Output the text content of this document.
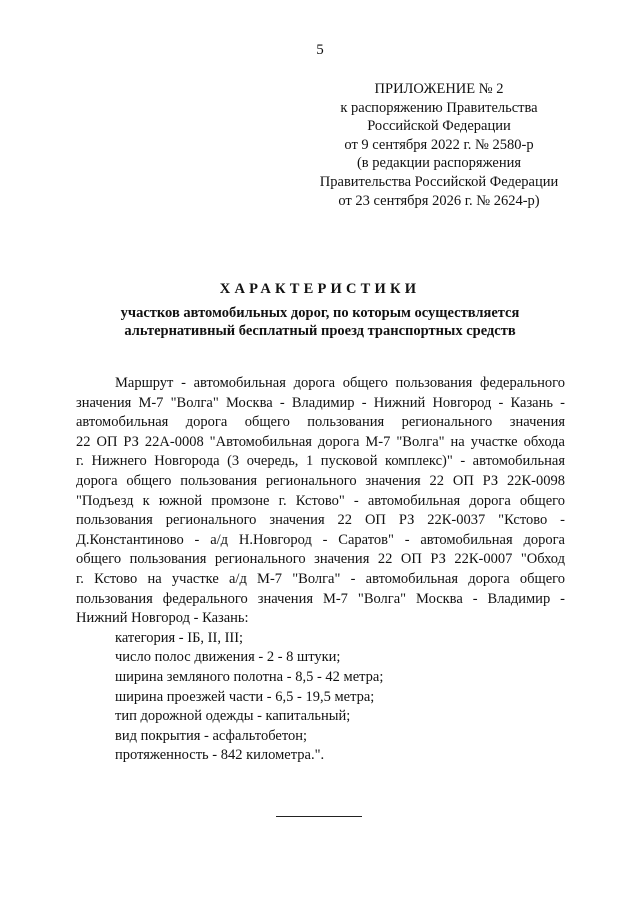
5
ПРИЛОЖЕНИЕ № 2
к распоряжению Правительства
Российской Федерации
от 9 сентября 2022 г. № 2580-р
(в редакции распоряжения
Правительства Российской Федерации
от 23 сентября 2026 г. № 2624-р)
ХАРАКТЕРИСТИКИ
участков автомобильных дорог, по которым осуществляется
альтернативный бесплатный проезд транспортных средств
Маршрут - автомобильная дорога общего пользования федерального
значения М-7 "Волга" Москва - Владимир - Нижний Новгород - Казань -
автомобильная дорога общего пользования регионального значения
22 ОП РЗ 22А-0008 "Автомобильная дорога М-7 "Волга" на участке обхода
г. Нижнего Новгорода (3 очередь, 1 пусковой комплекс)" - автомобильная
дорога общего пользования регионального значения 22 ОП РЗ 22К-0098
"Подъезд к южной промзоне г. Кстово" - автомобильная дорога общего
пользования регионального значения 22 ОП РЗ 22К-0037 "Кстово -
Д.Константиново - а/д Н.Новгород - Саратов" - автомобильная дорога
общего пользования регионального значения 22 ОП РЗ 22К-0007 "Обход
г. Кстово на участке а/д М-7 "Волга" - автомобильная дорога общего
пользования федерального значения М-7 "Волга" Москва - Владимир -
Нижний Новгород - Казань:
категория - IБ, II, III;
число полос движения - 2 - 8 штуки;
ширина земляного полотна - 8,5 - 42 метра;
ширина проезжей части - 6,5 - 19,5 метра;
тип дорожной одежды - капитальный;
вид покрытия - асфальтобетон;
протяженность - 842 километра.".
